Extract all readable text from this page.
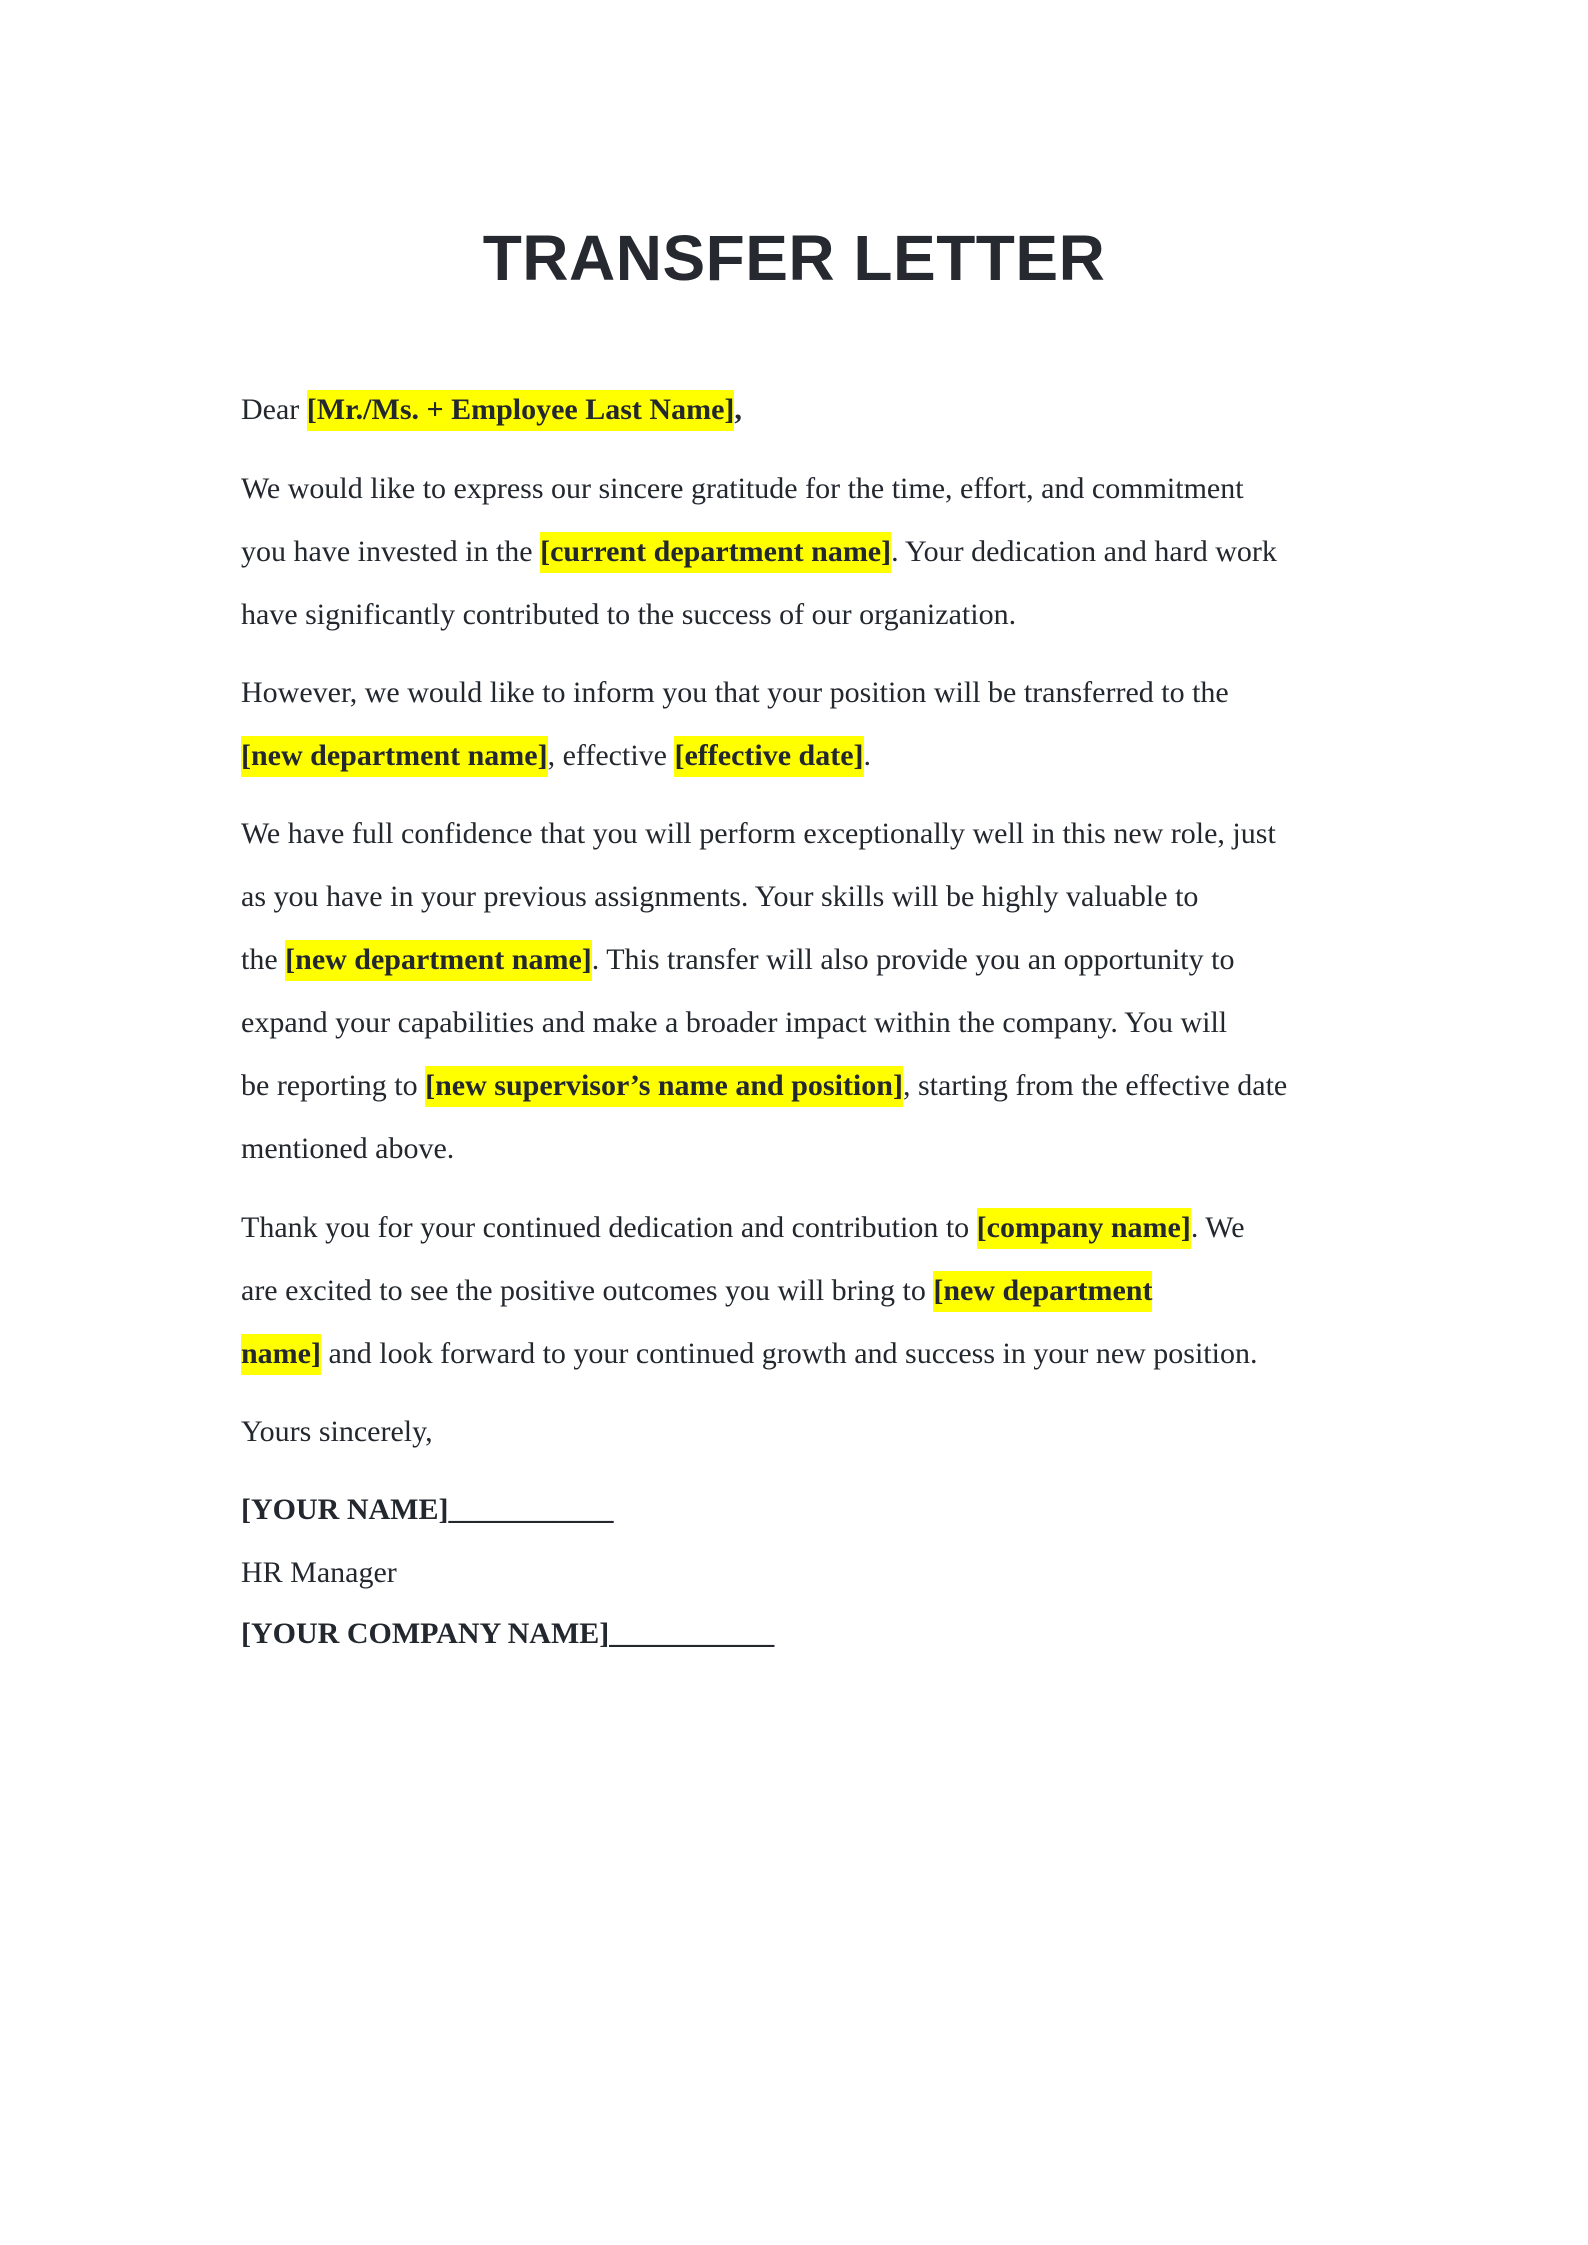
TRANSFER LETTER
Dear [Mr./Ms. + Employee Last Name],
We would like to express our sincere gratitude for the time, effort, and commitment
you have invested in the [current department name]. Your dedication and hard work
have significantly contributed to the success of our organization.
However, we would like to inform you that your position will be transferred to the
[new department name], effective [effective date].
We have full confidence that you will perform exceptionally well in this new role, just
as you have in your previous assignments. Your skills will be highly valuable to
the [new department name]. This transfer will also provide you an opportunity to
expand your capabilities and make a broader impact within the company. You will
be reporting to [new supervisor’s name and position], starting from the effective date
mentioned above.
Thank you for your continued dedication and contribution to [company name]. We
are excited to see the positive outcomes you will bring to [new department
name] and look forward to your continued growth and success in your new position.
Yours sincerely,
[YOUR NAME]___________
HR Manager
[YOUR COMPANY NAME]___________
